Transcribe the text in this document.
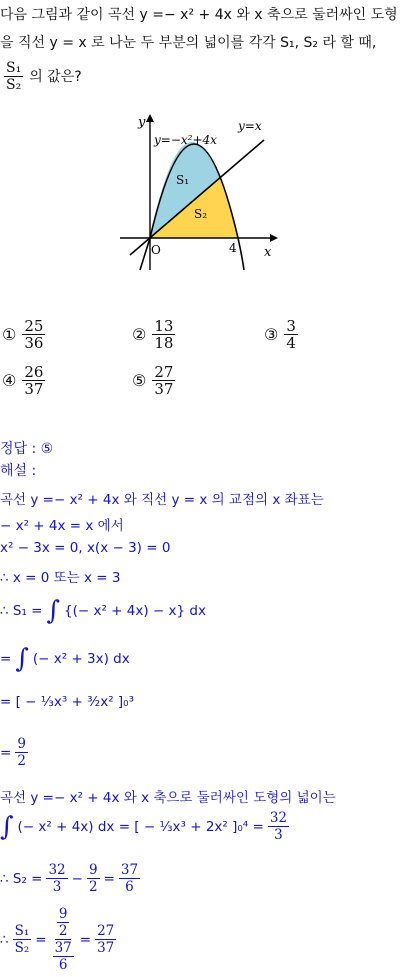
다음 그림과 같이 곡선 y =− x² + 4x 와 x 축으로 둘러싸인 도형
을 직선 y = x 로 나눈 두 부분의 넓이를 각각 S₁, S₂ 라 할 때,
$\frac{\text{S₁}}{\text{S₂}}$ 의 값은?
y
x
O	4
y=−x²+4x
y=x
S₁
S₂
① $\frac{25}{36}$	② $\frac{13}{18}$	③ $\frac{3}{4}$
④ $\frac{26}{37}$	⑤ $\frac{27}{37}$
정답 : ⑤
해설 :
곡선 y =− x² + 4x 와 직선 y = x 의 교점의 x 좌표는
− x² + 4x = x 에서
x² − 3x = 0, x(x − 3) = 0
∴ x = 0 또는 x = 3
∴ S₁ = ∫ {(− x² + 4x) − x} dx
= ∫ (− x² + 3x) dx
= [ − ⅓x³ + ³⁄₂x² ]₀³
= $\frac{9}{2}$
곡선 y =− x² + 4x 와 x 축으로 둘러싸인 도형의 넓이는
∫ (− x² + 4x) dx = [ − ⅓x³ + 2x² ]$_0^4 = \frac{32}{3}$
∴ $S_2 = \frac{32}{3} - \frac{9}{2} = \frac{37}{6}$
∴ $\frac{\text{S₁}}{\text{S₂}} = \frac{\frac{9}{2}}{\frac{37}{6}} = \frac{27}{37}$
